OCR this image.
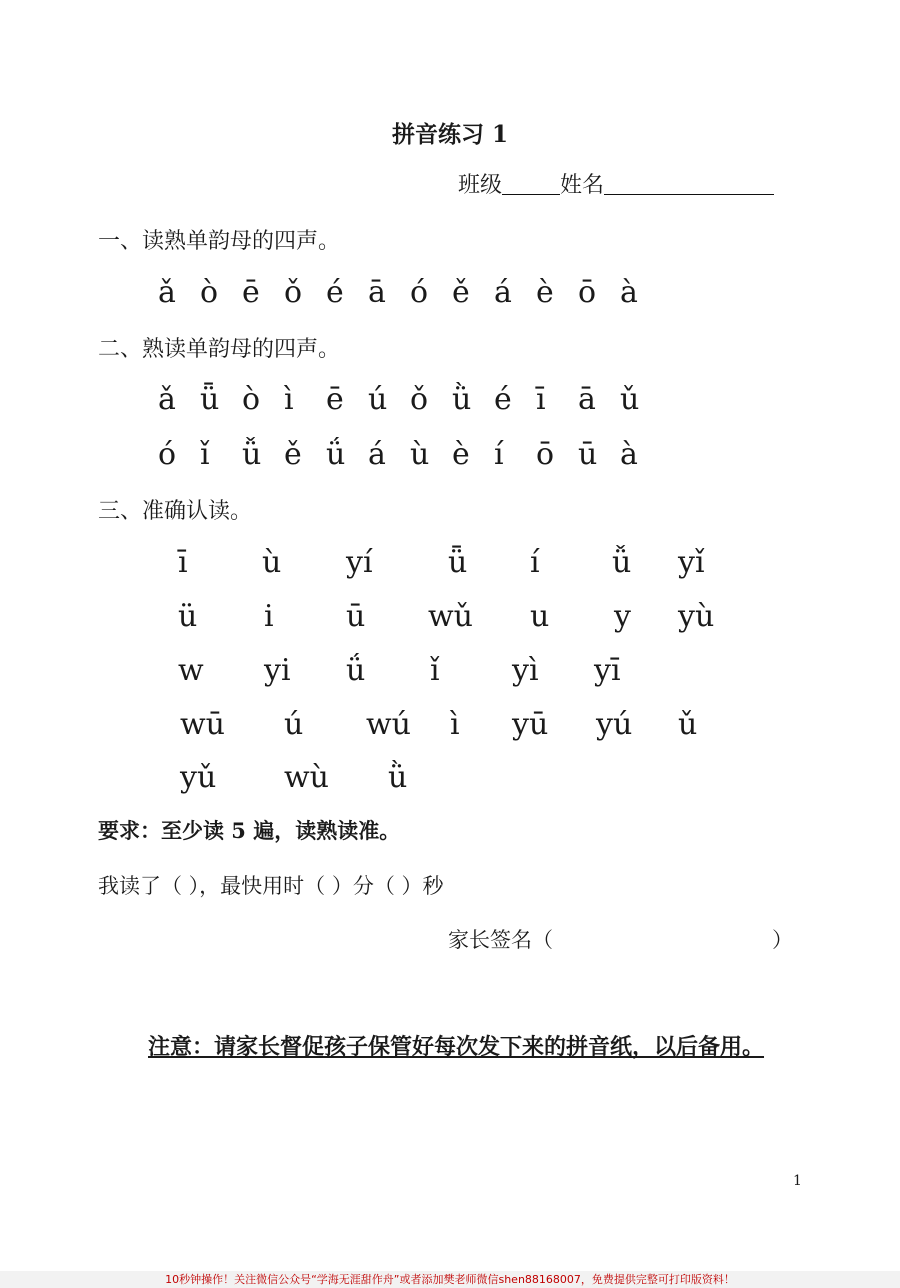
拼音练习 1
班级	姓名
一、读熟单韵母的四声。
ǎ ò ē ǒ é ā ó ě á è ō à
二、熟读单韵母的四声。
ǎ ǖ ò ì ē ú ǒ ǜ é ī ā ǔ
ó ǐ ǚ ě ǘ á ù è í ō ū à
三、准确认读。
ī ù yí	ǖ í ǚ yǐ
ü i ū wǔ u y yù
w yi ǘ ǐ yì yī
wū ú wú ì yū yú ǔ
yǔ wù ǜ
要求：至少读 5 遍，读熟读准。
我读了（ ），最快用时（ ）分（ ）秒
家长签名（	）
注意：请家长督促孩子保管好每次发下来的拼音纸，以后备用。
1
10秒钟操作！关注微信公众号“学海无涯甜作舟”或者添加樊老师微信shen88168007，免费提供完整可打印版资料！
